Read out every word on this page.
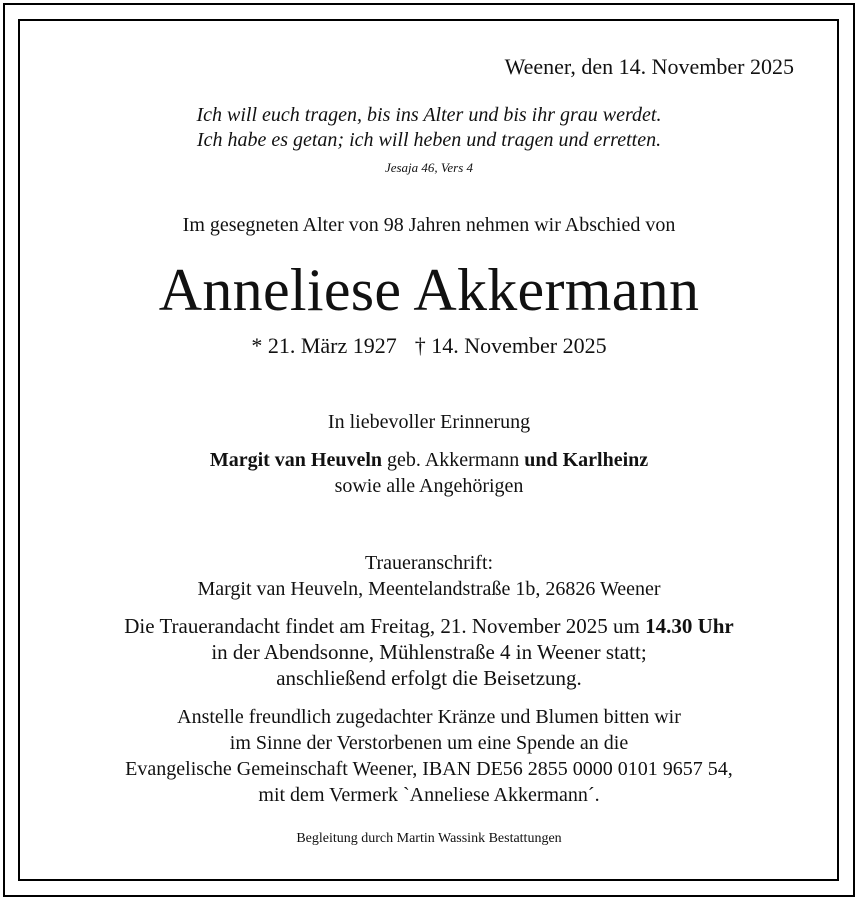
Weener, den 14. November 2025
Ich will euch tragen, bis ins Alter und bis ihr grau werdet.
Ich habe es getan; ich will heben und tragen und erretten.
Jesaja 46, Vers 4
Im gesegneten Alter von 98 Jahren nehmen wir Abschied von
Anneliese Akkermann
* 21. März 1927 † 14. November 2025
In liebevoller Erinnerung
Margit van Heuveln geb. Akkermann und Karlheinz
sowie alle Angehörigen
Traueranschrift:
Margit van Heuveln, Meentelandstraße 1b, 26826 Weener
Die Trauerandacht findet am Freitag, 21. November 2025 um 14.30 Uhr
in der Abendsonne, Mühlenstraße 4 in Weener statt;
anschließend erfolgt die Beisetzung.
Anstelle freundlich zugedachter Kränze und Blumen bitten wir
im Sinne der Verstorbenen um eine Spende an die
Evangelische Gemeinschaft Weener, IBAN DE56 2855 0000 0101 9657 54,
mit dem Vermerk `Anneliese Akkermann´.
Begleitung durch Martin Wassink Bestattungen
